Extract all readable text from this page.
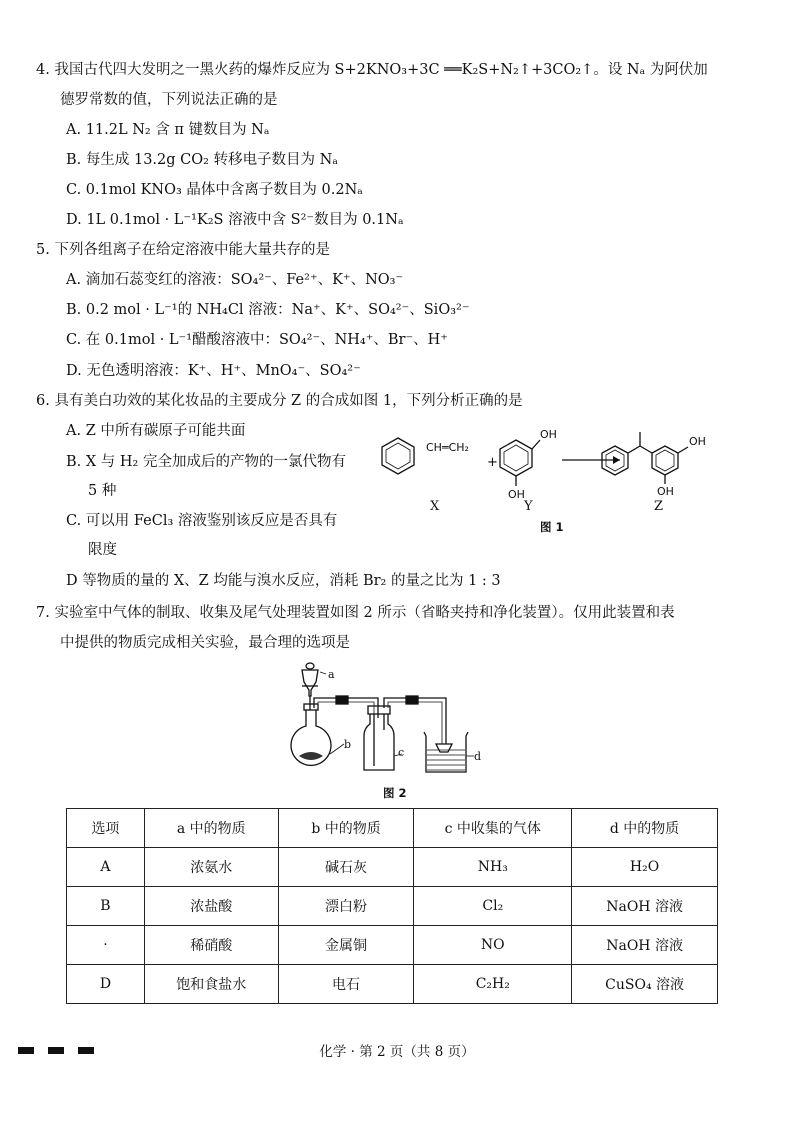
4. 我国古代四大发明之一黑火药的爆炸反应为 S+2KNO₃+3C ══K₂S+N₂↑+3CO₂↑。设 Nₐ 为阿伏加
德罗常数的值，下列说法正确的是
A. 11.2L N₂ 含 π 键数目为 Nₐ
B. 每生成 13.2g CO₂ 转移电子数目为 Nₐ
C. 0.1mol KNO₃ 晶体中含离子数目为 0.2Nₐ
D. 1L 0.1mol · L⁻¹K₂S 溶液中含 S²⁻数目为 0.1Nₐ
5. 下列各组离子在给定溶液中能大量共存的是
A. 滴加石蕊变红的溶液：SO₄²⁻、Fe²⁺、K⁺、NO₃⁻
B. 0.2 mol · L⁻¹的 NH₄Cl 溶液：Na⁺、K⁺、SO₄²⁻、SiO₃²⁻
C. 在 0.1mol · L⁻¹醋酸溶液中：SO₄²⁻、NH₄⁺、Br⁻、H⁺
D. 无色透明溶液：K⁺、H⁺、MnO₄⁻、SO₄²⁻
6. 具有美白功效的某化妆品的主要成分 Z 的合成如图 1，下列分析正确的是
A. Z 中所有碳原子可能共面
B. X 与 H₂ 完全加成后的产物的一氯代物有
5 种
C. 可以用 FeCl₃ 溶液鉴别该反应是否具有
限度
D 等物质的量的 X、Z 均能与溴水反应，消耗 Br₂ 的量之比为 1 : 3
CH═CH₂
+
OH
OH
OH
OH
X	Y	Z
图 1
7. 实验室中气体的制取、收集及尾气处理装置如图 2 所示（省略夹持和净化装置）。仅用此装置和表
中提供的物质完成相关实验，最合理的选项是
a
b
c	d
图 2
选项	a 中的物质	b 中的物质	c 中收集的气体	d 中的物质
A	浓氨水	碱石灰	NH₃	H₂O
B	浓盐酸	漂白粉	Cl₂	NaOH 溶液
·	稀硝酸	金属铜	NO	NaOH 溶液
D	饱和食盐水	电石	C₂H₂	CuSO₄ 溶液
化学 · 第 2 页（共 8 页）
